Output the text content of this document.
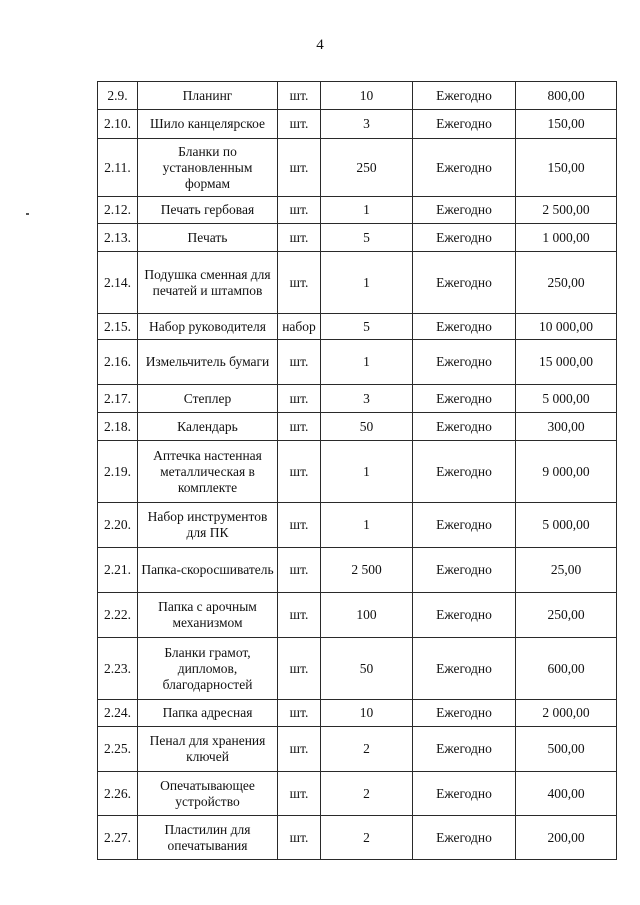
4
2.9.	Планинг	шт.	10	Ежегодно	800,00
2.10.	Шило канцелярское	шт.	3	Ежегодно	150,00
2.11.	Бланки по установленным формам	шт.	250	Ежегодно	150,00
2.12.	Печать гербовая	шт.	1	Ежегодно	2 500,00
2.13.	Печать	шт.	5	Ежегодно	1 000,00
2.14.	Подушка сменная для печатей и штампов	шт.	1	Ежегодно	250,00
2.15.	Набор руководителя	набор	5	Ежегодно	10 000,00
2.16.	Измельчитель бумаги	шт.	1	Ежегодно	15 000,00
2.17.	Степлер	шт.	3	Ежегодно	5 000,00
2.18.	Календарь	шт.	50	Ежегодно	300,00
2.19.	Аптечка настенная металлическая в комплекте	шт.	1	Ежегодно	9 000,00
2.20.	Набор инструментов для ПК	шт.	1	Ежегодно	5 000,00
2.21.	Папка-скоросшиватель	шт.	2 500	Ежегодно	25,00
2.22.	Папка с арочным механизмом	шт.	100	Ежегодно	250,00
2.23.	Бланки грамот, дипломов, благодарностей	шт.	50	Ежегодно	600,00
2.24.	Папка адресная	шт.	10	Ежегодно	2 000,00
2.25.	Пенал для хранения ключей	шт.	2	Ежегодно	500,00
2.26.	Опечатывающее устройство	шт.	2	Ежегодно	400,00
2.27.	Пластилин для опечатывания	шт.	2	Ежегодно	200,00
